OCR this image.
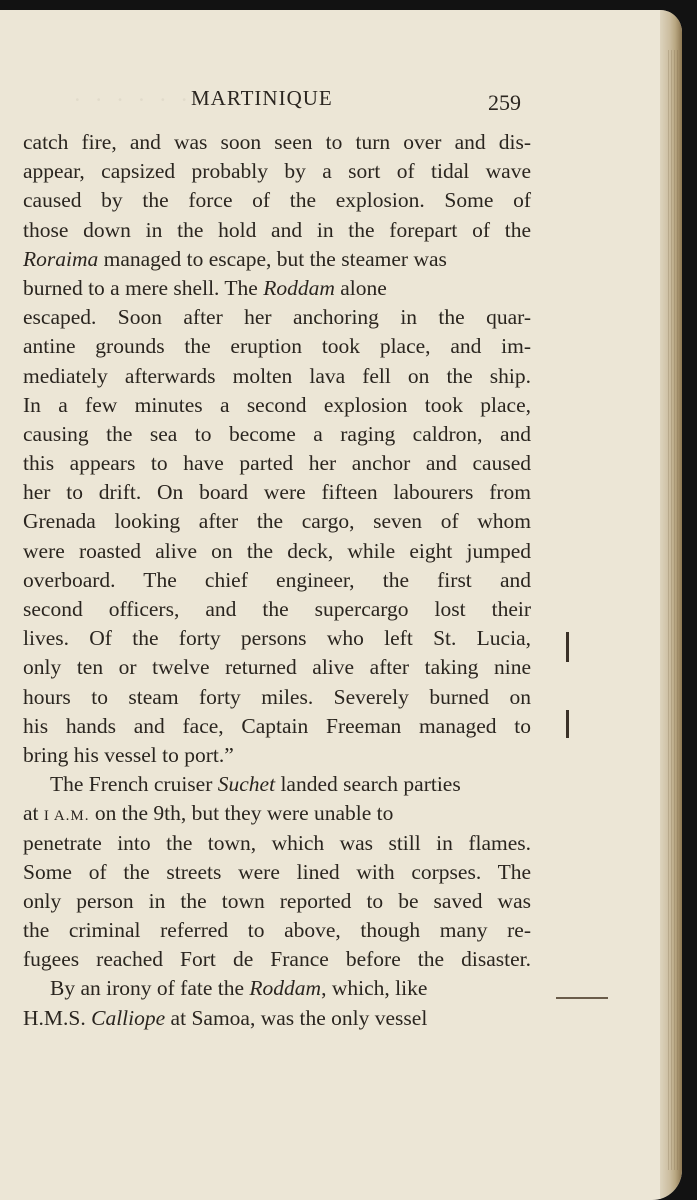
· · · · · · MARTINIQUE	259
catch fire, and was soon seen to turn over and dis-
appear, capsized probably by a sort of tidal wave
caused by the force of the explosion. Some of
those down in the hold and in the forepart of the
Roraima managed to escape, but the steamer was
burned to a mere shell. The Roddam alone
escaped. Soon after her anchoring in the quar-
antine grounds the eruption took place, and im-
mediately afterwards molten lava fell on the ship.
In a few minutes a second explosion took place,
causing the sea to become a raging caldron, and
this appears to have parted her anchor and caused
her to drift. On board were fifteen labourers from
Grenada looking after the cargo, seven of whom
were roasted alive on the deck, while eight jumped
overboard. The chief engineer, the first and
second officers, and the supercargo lost their
lives. Of the forty persons who left St. Lucia,
only ten or twelve returned alive after taking nine
hours to steam forty miles. Severely burned on
his hands and face, Captain Freeman managed to
bring his vessel to port.”
The French cruiser Suchet landed search parties
at I A.M. on the 9th, but they were unable to
penetrate into the town, which was still in flames.
Some of the streets were lined with corpses. The
only person in the town reported to be saved was
the criminal referred to above, though many re-
fugees reached Fort de France before the disaster.
By an irony of fate the Roddam, which, like
H.M.S. Calliope at Samoa, was the only vessel
